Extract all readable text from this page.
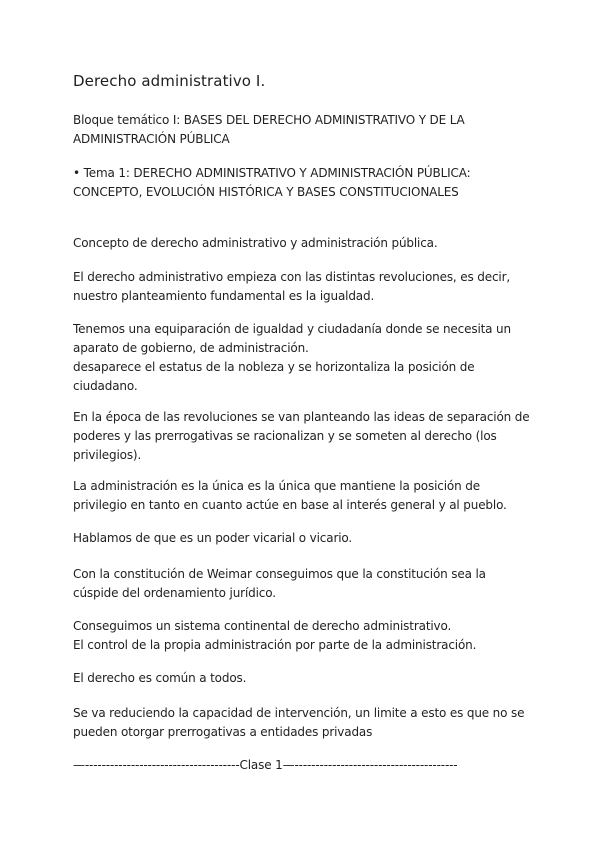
Derecho administrativo I.
Bloque temático I: BASES DEL DERECHO ADMINISTRATIVO Y DE LA
ADMINISTRACIÓN PÚBLICA
• Tema 1: DERECHO ADMINISTRATIVO Y ADMINISTRACIÓN PÚBLICA:
CONCEPTO, EVOLUCIÓN HISTÓRICA Y BASES CONSTITUCIONALES
Concepto de derecho administrativo y administración pública.
El derecho administrativo empieza con las distintas revoluciones, es decir,
nuestro planteamiento fundamental es la igualdad.
Tenemos una equiparación de igualdad y ciudadanía donde se necesita un
aparato de gobierno, de administración.
desaparece el estatus de la nobleza y se horizontaliza la posición de
ciudadano.
En la época de las revoluciones se van planteando las ideas de separación de
poderes y las prerrogativas se racionalizan y se someten al derecho (los
privilegios).
La administración es la única es la única que mantiene la posición de
privilegio en tanto en cuanto actúe en base al interés general y al pueblo.
Hablamos de que es un poder vicarial o vicario.
Con la constitución de Weimar conseguimos que la constitución sea la
cúspide del ordenamiento jurídico.
Conseguimos un sistema continental de derecho administrativo.
El control de la propia administración por parte de la administración.
El derecho es común a todos.
Se va reduciendo la capacidad de intervención, un limite a esto es que no se
pueden otorgar prerrogativas a entidades privadas
—-------------------------------------Clase 1—---------------------------------------
